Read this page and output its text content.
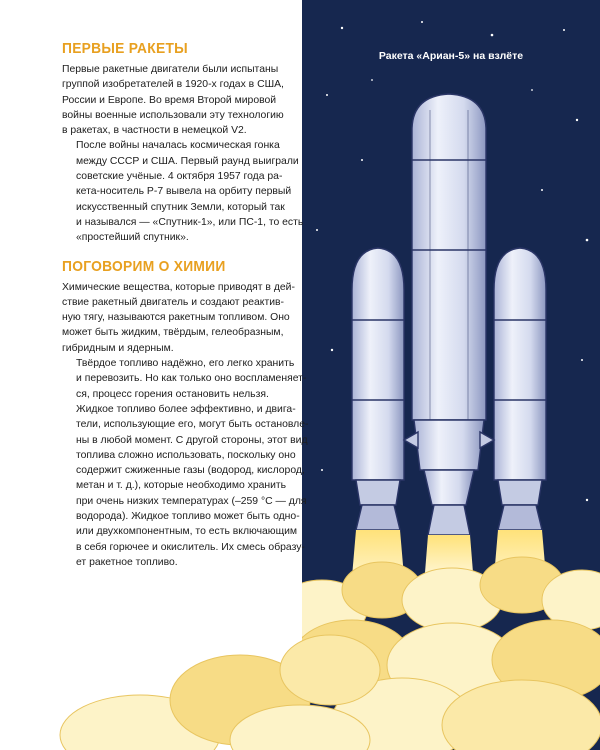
Ракета «Ариан-5» на взлёте
ПЕРВЫЕ РАКЕТЫ

Первые ракетные двигатели были испытаны
группой изобретателей в 1920-х годах в США,
России и Европе. Во время Второй мировой
войны военные использовали эту технологию
в ракетах, в частности в немецкой V2.

После войны началась космическая гонка
между СССР и США. Первый раунд выиграли
советские учёные. 4 октября 1957 года ра-
кета-носитель Р-7 вывела на орбиту первый
искусственный спутник Земли, который так
и назывался — «Спутник-1», или ПС-1, то есть
«простейший спутник».

ПОГОВОРИМ О ХИМИИ

Химические вещества, которые приводят в дей-
ствие ракетный двигатель и создают реактив-
ную тягу, называются ракетным топливом. Оно
может быть жидким, твёрдым, гелеобразным,
гибридным и ядерным.

Твёрдое топливо надёжно, его легко хранить
и перевозить. Но как только оно воспламеняет-
ся, процесс горения остановить нельзя.

Жидкое топливо более эффективно, и двига-
тели, использующие его, могут быть остановле-
ны в любой момент. С другой стороны, этот вид
топлива сложно использовать, поскольку оно
содержит сжиженные газы (водород, кислород,
метан и т. д.), которые необходимо хранить
при очень низких температурах (–259 °С — для
водорода). Жидкое топливо может быть одно-
или двухкомпонентным, то есть включающим
в себя горючее и окислитель. Их смесь образу-
ет ракетное топливо.
